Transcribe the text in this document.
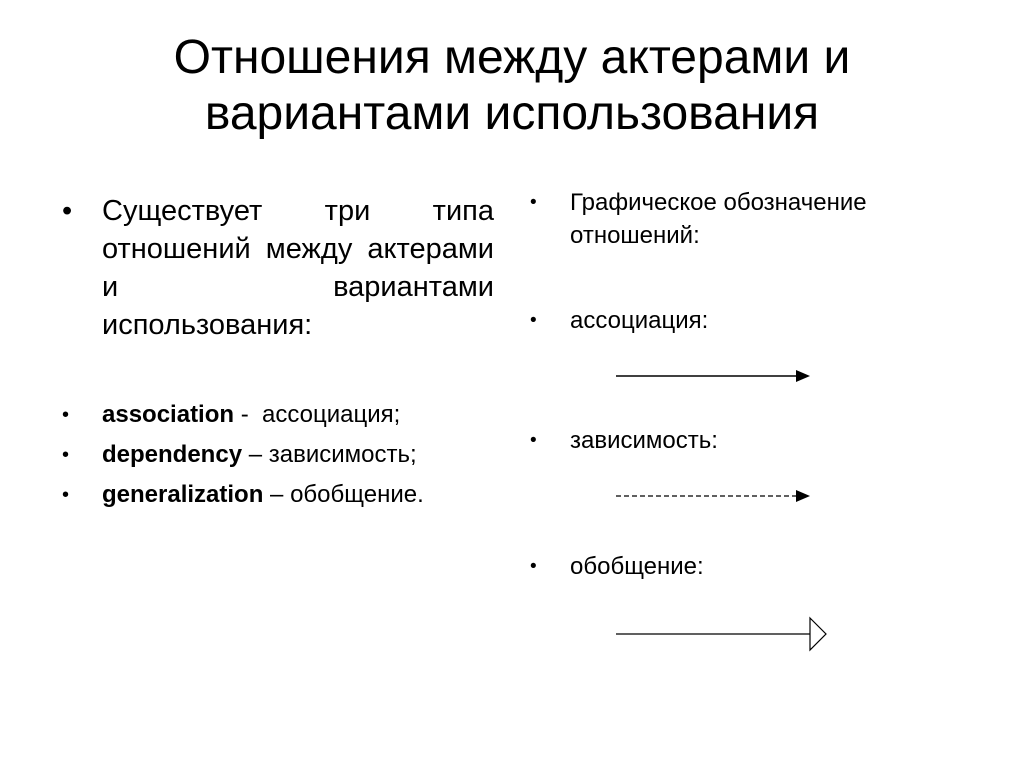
Отношения между актерами и
вариантами использования
• Существует три типа отношений между актерами и вариантами использования:
• association -  ассоциация;
• dependency – зависимость;
• generalization – обобщение.
• Графическое обозначение отношений:
• ассоциация:
• зависимость:
• обобщение:
